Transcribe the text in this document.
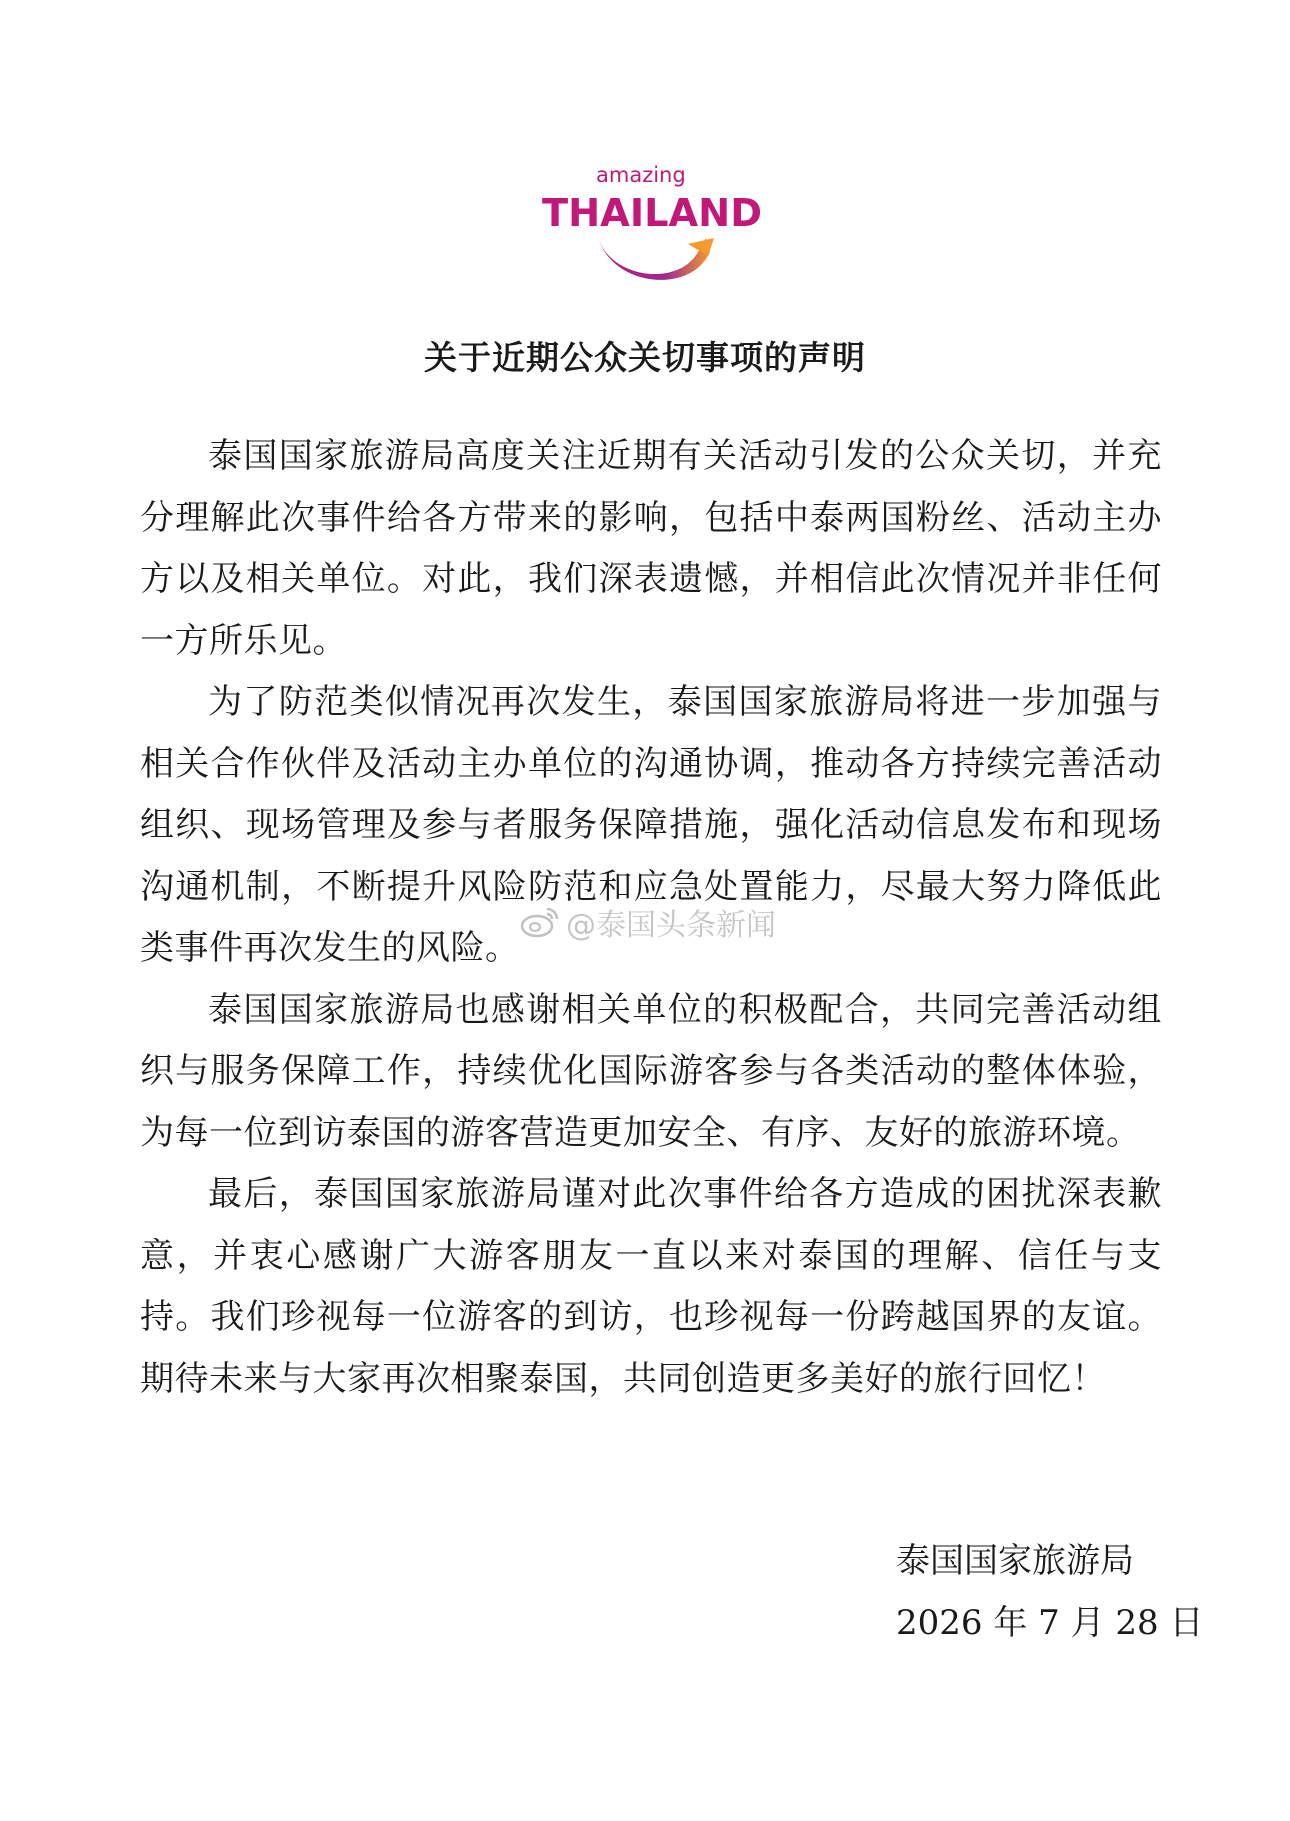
amazing
THAILAND
关于近期公众关切事项的声明

泰国国家旅游局高度关注近期有关活动引发的公众关切，并充分理解此次事件给各方带来的影响，包括中泰两国粉丝、活动主办方以及相关单位。对此，我们深表遗憾，并相信此次情况并非任何一方所乐见。

为了防范类似情况再次发生，泰国国家旅游局将进一步加强与相关合作伙伴及活动主办单位的沟通协调，推动各方持续完善活动组织、现场管理及参与者服务保障措施，强化活动信息发布和现场沟通机制，不断提升风险防范和应急处置能力，尽最大努力降低此类事件再次发生的风险。

泰国国家旅游局也感谢相关单位的积极配合，共同完善活动组织与服务保障工作，持续优化国际游客参与各类活动的整体体验，为每一位到访泰国的游客营造更加安全、有序、友好的旅游环境。

最后，泰国国家旅游局谨对此次事件给各方造成的困扰深表歉意，并衷心感谢广大游客朋友一直以来对泰国的理解、信任与支持。我们珍视每一位游客的到访，也珍视每一份跨越国界的友谊。期待未来与大家再次相聚泰国，共同创造更多美好的旅行回忆！

泰国国家旅游局
2026 年 7 月 28 日
@泰国头条新闻
